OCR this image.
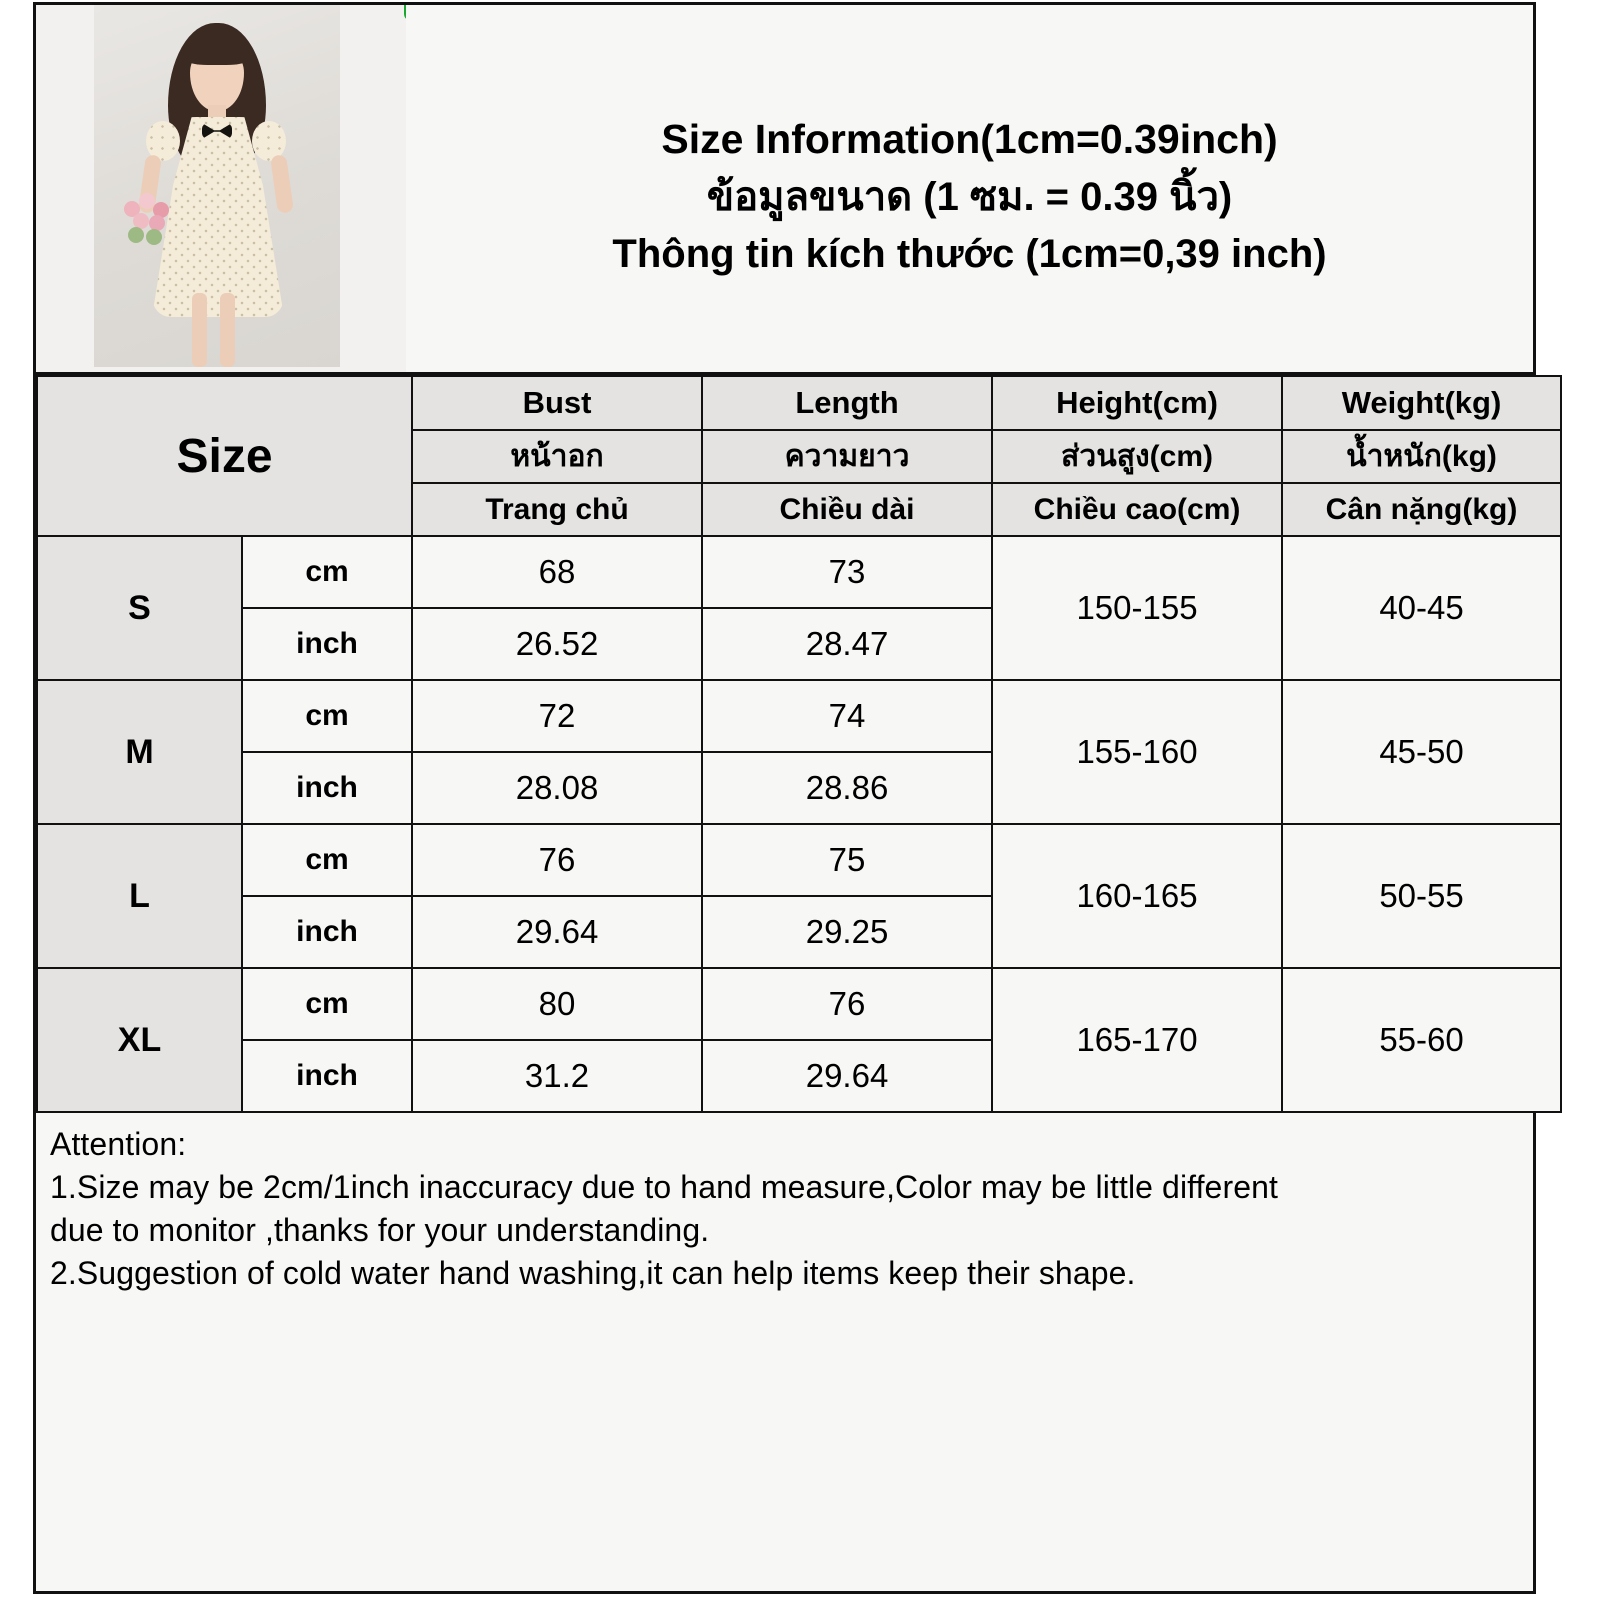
Size Information(1cm=0.39inch)
ข้อมูลขนาด (1 ซม. = 0.39 นิ้ว)
Thông tin kích thước (1cm=0,39 inch)
Size		Bust	Length	Height(cm)	Weight(kg)
		หน้าอก	ความยาว	ส่วนสูง(cm)	น้ำหนัก(kg)
		Trang chủ	Chiều dài	Chiều cao(cm)	Cân nặng(kg)
S	cm	68	73	150-155	40-45
	inch	26.52	28.47		
M	cm	72	74	155-160	45-50
	inch	28.08	28.86		
L	cm	76	75	160-165	50-55
	inch	29.64	29.25		
XL	cm	80	76	165-170	55-60
	inch	31.2	29.64		
Attention:
1.Size may be 2cm/1inch inaccuracy due to hand measure,Color may be little different
due to monitor ,thanks for your understanding.
2.Suggestion of cold water hand washing,it can help items keep their shape.
